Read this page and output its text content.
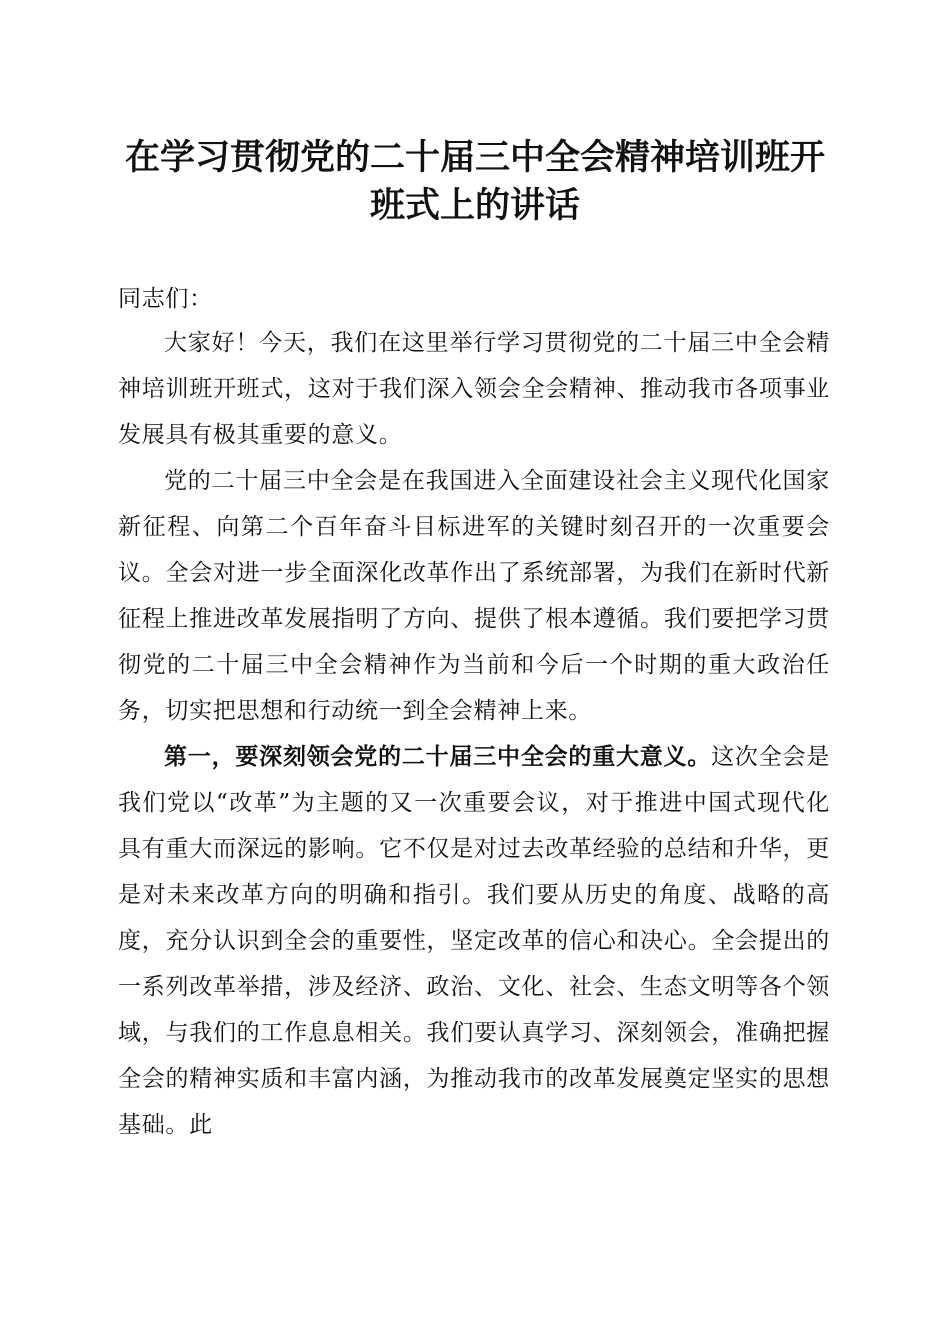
在学习贯彻党的二十届三中全会精神培训班开
班式上的讲话
同志们：

大家好！今天，我们在这里举行学习贯彻党的二十届三中全会精神培训班开班式，这对于我们深入领会全会精神、推动我市各项事业发展具有极其重要的意义。

党的二十届三中全会是在我国进入全面建设社会主义现代化国家新征程、向第二个百年奋斗目标进军的关键时刻召开的一次重要会议。全会对进一步全面深化改革作出了系统部署，为我们在新时代新征程上推进改革发展指明了方向、提供了根本遵循。我们要把学习贯彻党的二十届三中全会精神作为当前和今后一个时期的重大政治任务，切实把思想和行动统一到全会精神上来。

第一，要深刻领会党的二十届三中全会的重大意义。这次全会是我们党以“改革”为主题的又一次重要会议，对于推进中国式现代化具有重大而深远的影响。它不仅是对过去改革经验的总结和升华，更是对未来改革方向的明确和指引。我们要从历史的角度、战略的高度，充分认识到全会的重要性，坚定改革的信心和决心。全会提出的一系列改革举措，涉及经济、政治、文化、社会、生态文明等各个领域，与我们的工作息息相关。我们要认真学习、深刻领会，准确把握全会的精神实质和丰富内涵，为推动我市的改革发展奠定坚实的思想基础。此
